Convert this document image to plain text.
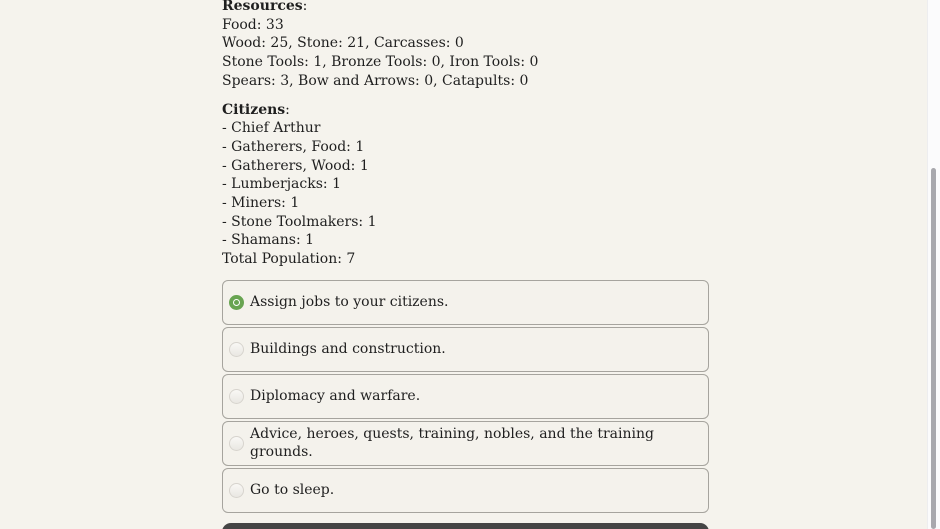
Resources:
Food: 33
Wood: 25, Stone: 21, Carcasses: 0
Stone Tools: 1, Bronze Tools: 0, Iron Tools: 0
Spears: 3, Bow and Arrows: 0, Catapults: 0

Citizens:
- Chief Arthur
- Gatherers, Food: 1
- Gatherers, Wood: 1
- Lumberjacks: 1
- Miners: 1
- Stone Toolmakers: 1
- Shamans: 1
Total Population: 7

Assign jobs to your citizens.
Buildings and construction.
Diplomacy and warfare.
Advice, heroes, quests, training, nobles, and the training grounds.
Go to sleep.
